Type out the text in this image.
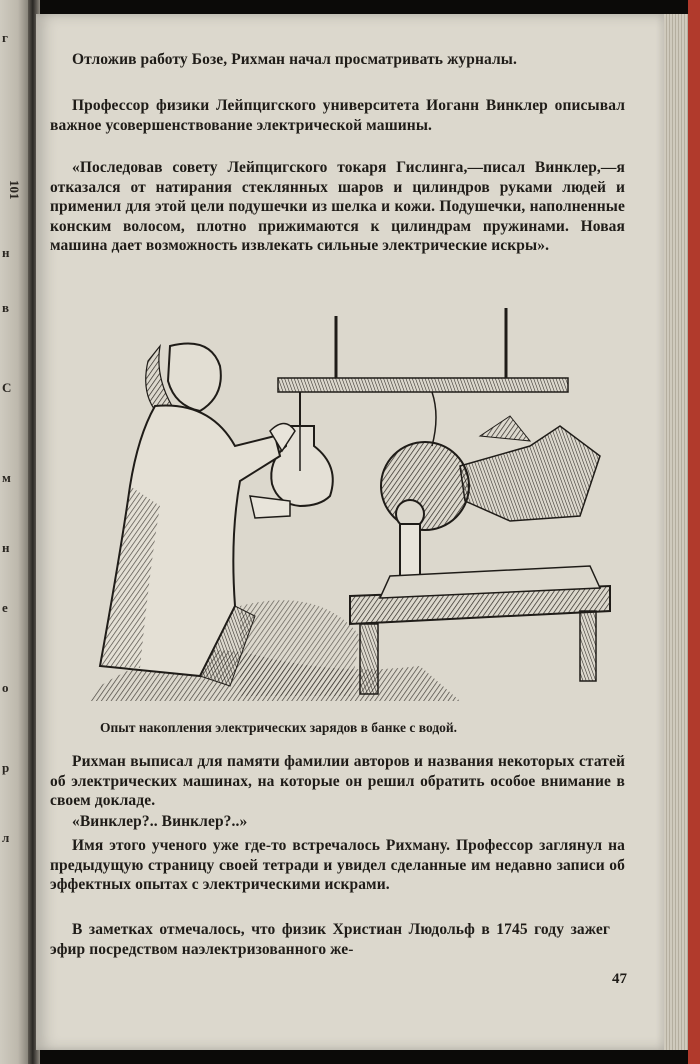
г
101
н
в
С
м
н
е
о
р
л

Отложив работу Бозе, Рихман начал просматривать журналы.

Профессор физики Лейпцигского университета Иоганн Винклер описывал важное усовершенствование электрической машины.

«Последовав совету Лейпцигского токаря Гислинга,—писал Винклер,—я отказался от натирания стеклянных шаров и цилиндров руками людей и применил для этой цели подушечки из шелка и кожи. Подушечки, наполненные конским волосом, плотно прижимаются к цилиндрам пружинами. Новая машина дает возможность извлекать сильные электрические искры».

Опыт накопления электрических зарядов в банке с водой.

Рихман выписал для памяти фамилии авторов и названия некоторых статей об электрических машинах, на которые он решил обратить особое внимание в своем докладе.

«Винклер?.. Винклер?..»

Имя этого ученого уже где-то встречалось Рихману. Профессор заглянул на предыдущую страницу своей тетради и увидел сделанные им недавно записи об эффектных опытах с электрическими искрами.

В заметках отмечалось, что физик Христиан Людольф в 1745 году зажег эфир посредством наэлектризованного же-

47
